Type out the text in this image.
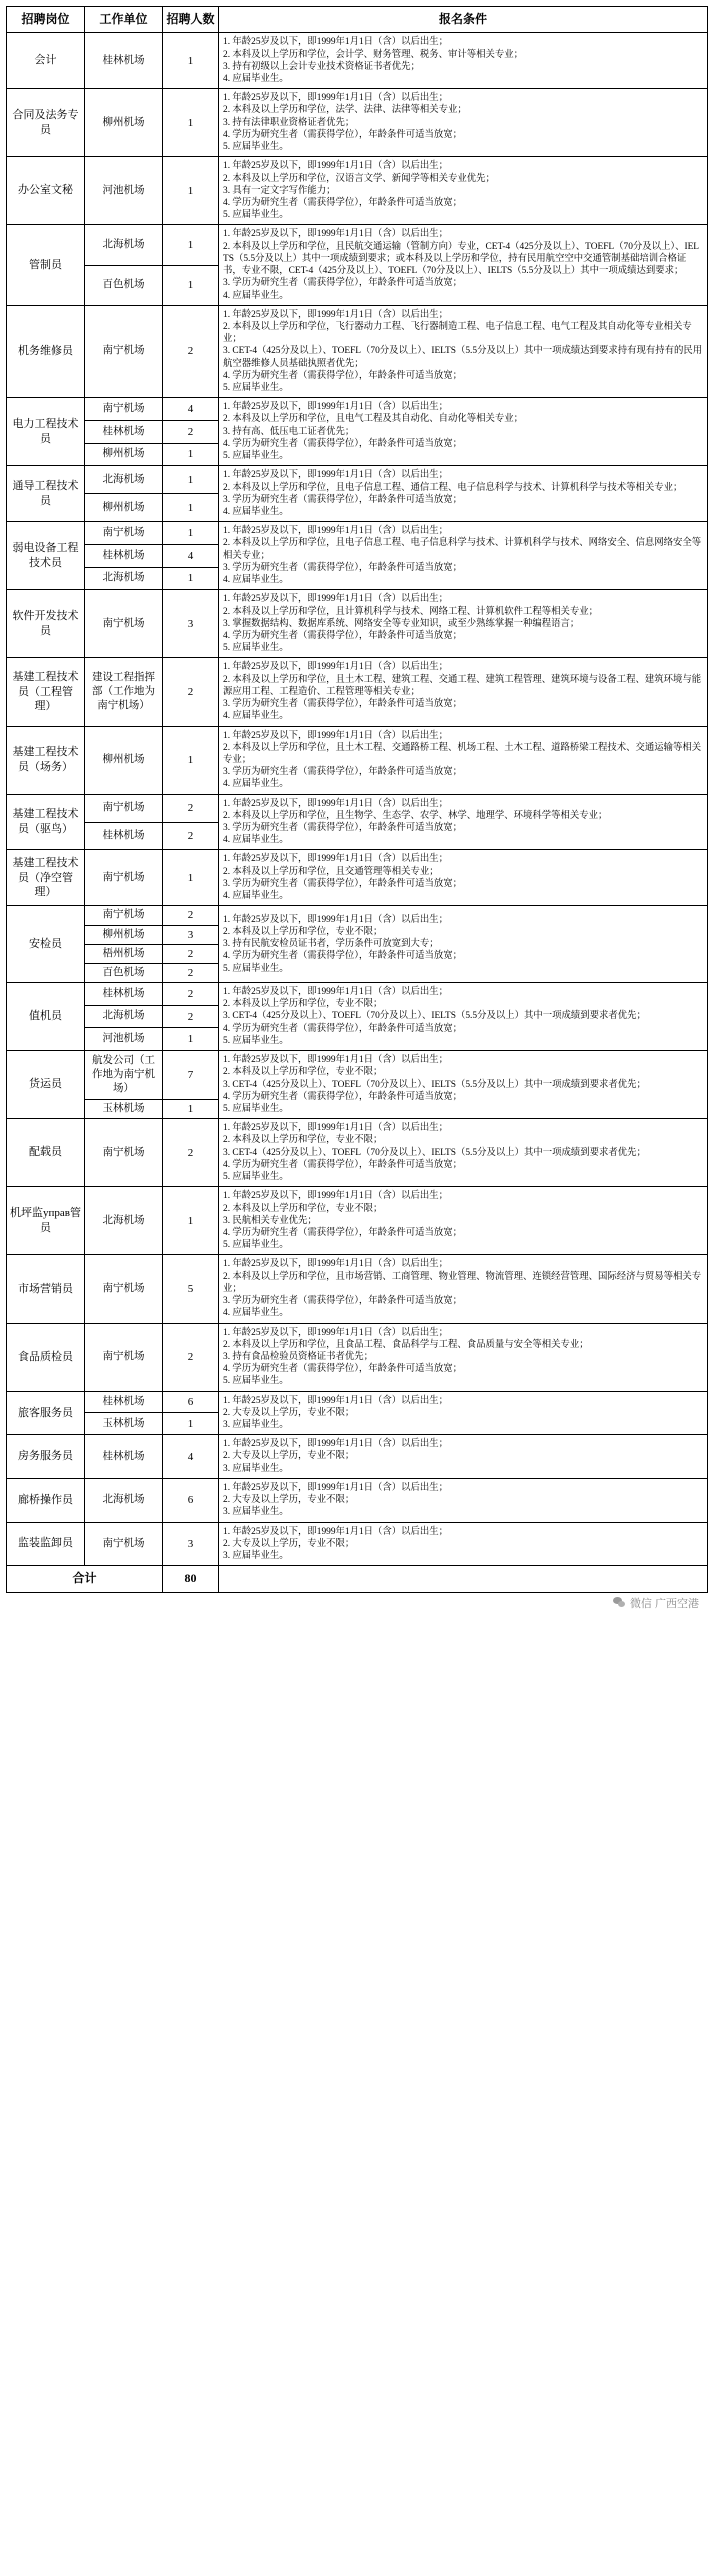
招聘岗位	工作单位	招聘人数	报名条件
会计	桂林机场	1	1. 年龄25岁及以下，即1999年1月1日（含）以后出生；
2. 本科及以上学历和学位，会计学、财务管理、税务、审计等相关专业；
3. 持有初级以上会计专业技术资格证书者优先；
4. 应届毕业生。

合同及法务专员	柳州机场	1	1. 年龄25岁及以下，即1999年1月1日（含）以后出生；
2. 本科及以上学历和学位，法学、法律、法律等相关专业；
3. 持有法律职业资格证者优先；
4. 学历为研究生者（需获得学位），年龄条件可适当放宽；
5. 应届毕业生。

办公室文秘	河池机场	1	1. 年龄25岁及以下，即1999年1月1日（含）以后出生；
2. 本科及以上学历和学位，汉语言文学、新闻学等相关专业优先；
3. 具有一定文字写作能力；
4. 学历为研究生者（需获得学位），年龄条件可适当放宽；
5. 应届毕业生。

管制员	北海机场	1	1. 年龄25岁及以下，即1999年1月1日（含）以后出生；
2. 本科及以上学历和学位，且民航交通运输（管制方向）专业，CET-4（425分及以上）、TOEFL（70分及以上）、IELTS（5.5分及以上）其中一项成绩到要求；或本科及以上学历和学位，持有民用航空空中交通管制基础培训合格证书，专业不限，CET-4（425分及以上）、TOEFL（70分及以上）、IELTS（5.5分及以上）其中一项成绩达到要求；
3. 学历为研究生者（需获得学位），年龄条件可适当放宽；
4. 应届毕业生。

	百色机场	1	
机务维修员	南宁机场	2	1. 年龄25岁及以下，即1999年1月1日（含）以后出生；
2. 本科及以上学历和学位，飞行器动力工程、飞行器制造工程、电子信息工程、电气工程及其自动化等专业相关专业；
3. CET-4（425分及以上）、TOEFL（70分及以上）、IELTS（5.5分及以上）其中一项成绩达到要求持有现有持有的民用航空器维修人员基础执照者优先；
4. 学历为研究生者（需获得学位），年龄条件可适当放宽；
5. 应届毕业生。

电力工程技术员	南宁机场	4	1. 年龄25岁及以下，即1999年1月1日（含）以后出生；
2. 本科及以上学历和学位，且电气工程及其自动化、自动化等相关专业；
3. 持有高、低压电工证者优先；
4. 学历为研究生者（需获得学位），年龄条件可适当放宽；
5. 应届毕业生。

	桂林机场	2	
	柳州机场	1	
通导工程技术员	北海机场	1	1. 年龄25岁及以下，即1999年1月1日（含）以后出生；
2. 本科及以上学历和学位，且电子信息工程、通信工程、电子信息科学与技术、计算机科学与技术等相关专业；
3. 学历为研究生者（需获得学位），年龄条件可适当放宽；
4. 应届毕业生。

	柳州机场	1	
弱电设备工程技术员	南宁机场	1	1. 年龄25岁及以下，即1999年1月1日（含）以后出生；
2. 本科及以上学历和学位，且电子信息工程、电子信息科学与技术、计算机科学与技术、网络安全、信息网络安全等相关专业；
3. 学历为研究生者（需获得学位），年龄条件可适当放宽；
4. 应届毕业生。

	桂林机场	4	
	北海机场	1	
软件开发技术员	南宁机场	3	1. 年龄25岁及以下，即1999年1月1日（含）以后出生；
2. 本科及以上学历和学位，且计算机科学与技术、网络工程、计算机软件工程等相关专业；
3. 掌握数据结构、数据库系统、网络安全等专业知识，或至少熟练掌握一种编程语言；
4. 学历为研究生者（需获得学位），年龄条件可适当放宽；
5. 应届毕业生。

基建工程技术员（工程管理）	建设工程指挥部（工作地为南宁机场）	2	1. 年龄25岁及以下，即1999年1月1日（含）以后出生；
2. 本科及以上学历和学位，且土木工程、建筑工程、交通工程、建筑工程管理、建筑环境与设备工程、建筑环境与能源应用工程、工程造价、工程管理等相关专业；
3. 学历为研究生者（需获得学位），年龄条件可适当放宽；
4. 应届毕业生。

基建工程技术员（场务）	柳州机场	1	1. 年龄25岁及以下，即1999年1月1日（含）以后出生；
2. 本科及以上学历和学位，且土木工程、交通路桥工程、机场工程、土木工程、道路桥梁工程技术、交通运输等相关专业；
3. 学历为研究生者（需获得学位），年龄条件可适当放宽；
4. 应届毕业生。

基建工程技术员（驱鸟）	南宁机场	2	1. 年龄25岁及以下，即1999年1月1日（含）以后出生；
2. 本科及以上学历和学位，且生物学、生态学、农学、林学、地理学、环境科学等相关专业；
3. 学历为研究生者（需获得学位），年龄条件可适当放宽；
4. 应届毕业生。

	桂林机场	2	
基建工程技术员（净空管理）	南宁机场	1	1. 年龄25岁及以下，即1999年1月1日（含）以后出生；
2. 本科及以上学历和学位，且交通管理等相关专业；
3. 学历为研究生者（需获得学位），年龄条件可适当放宽；
4. 应届毕业生。

安检员	南宁机场	2	1. 年龄25岁及以下，即1999年1月1日（含）以后出生；
2. 本科及以上学历和学位，专业不限；
3. 持有民航安检员证书者，学历条件可放宽到大专；
4. 学历为研究生者（需获得学位），年龄条件可适当放宽；
5. 应届毕业生。

	柳州机场	3	
	梧州机场	2	
	百色机场	2	
值机员	桂林机场	2	1. 年龄25岁及以下，即1999年1月1日（含）以后出生；
2. 本科及以上学历和学位，专业不限；
3. CET-4（425分及以上）、TOEFL（70分及以上）、IELTS（5.5分及以上）其中一项成绩到要求者优先；
4. 学历为研究生者（需获得学位），年龄条件可适当放宽；
5. 应届毕业生。

	北海机场	2	
	河池机场	1	
货运员	航发公司（工作地为南宁机场）	7	1. 年龄25岁及以下，即1999年1月1日（含）以后出生；
2. 本科及以上学历和学位，专业不限；
3. CET-4（425分及以上）、TOEFL（70分及以上）、IELTS（5.5分及以上）其中一项成绩到要求者优先；
4. 学历为研究生者（需获得学位），年龄条件可适当放宽；
5. 应届毕业生。

	玉林机场	1	
配载员	南宁机场	2	1. 年龄25岁及以下，即1999年1月1日（含）以后出生；
2. 本科及以上学历和学位，专业不限；
3. CET-4（425分及以上）、TOEFL（70分及以上）、IELTS（5.5分及以上）其中一项成绩到要求者优先；
4. 学历为研究生者（需获得学位），年龄条件可适当放宽；
5. 应届毕业生。

机坪监управ管员	北海机场	1	1. 年龄25岁及以下，即1999年1月1日（含）以后出生；
2. 本科及以上学历和学位，专业不限；
3. 民航相关专业优先；
4. 学历为研究生者（需获得学位），年龄条件可适当放宽；
5. 应届毕业生。

市场营销员	南宁机场	5	1. 年龄25岁及以下，即1999年1月1日（含）以后出生；
2. 本科及以上学历和学位，且市场营销、工商管理、物业管理、物流管理、连锁经营管理、国际经济与贸易等相关专业；
3. 学历为研究生者（需获得学位），年龄条件可适当放宽；
4. 应届毕业生。

食品质检员	南宁机场	2	1. 年龄25岁及以下，即1999年1月1日（含）以后出生；
2. 本科及以上学历和学位，且食品工程、食品科学与工程、食品质量与安全等相关专业；
3. 持有食品检验员资格证书者优先；
4. 学历为研究生者（需获得学位），年龄条件可适当放宽；
5. 应届毕业生。

旅客服务员	桂林机场	6	1. 年龄25岁及以下，即1999年1月1日（含）以后出生；
2. 大专及以上学历，专业不限；
3. 应届毕业生。

	玉林机场	1	
房务服务员	桂林机场	4	1. 年龄25岁及以下，即1999年1月1日（含）以后出生；
2. 大专及以上学历，专业不限；
3. 应届毕业生。

廊桥操作员	北海机场	6	1. 年龄25岁及以下，即1999年1月1日（含）以后出生；
2. 大专及以上学历，专业不限；
3. 应届毕业生。

监装监卸员	南宁机场	3	1. 年龄25岁及以下，即1999年1月1日（含）以后出生；
2. 大专及以上学历，专业不限；
3. 应届毕业生。

合计		80	
微信 广西空港
